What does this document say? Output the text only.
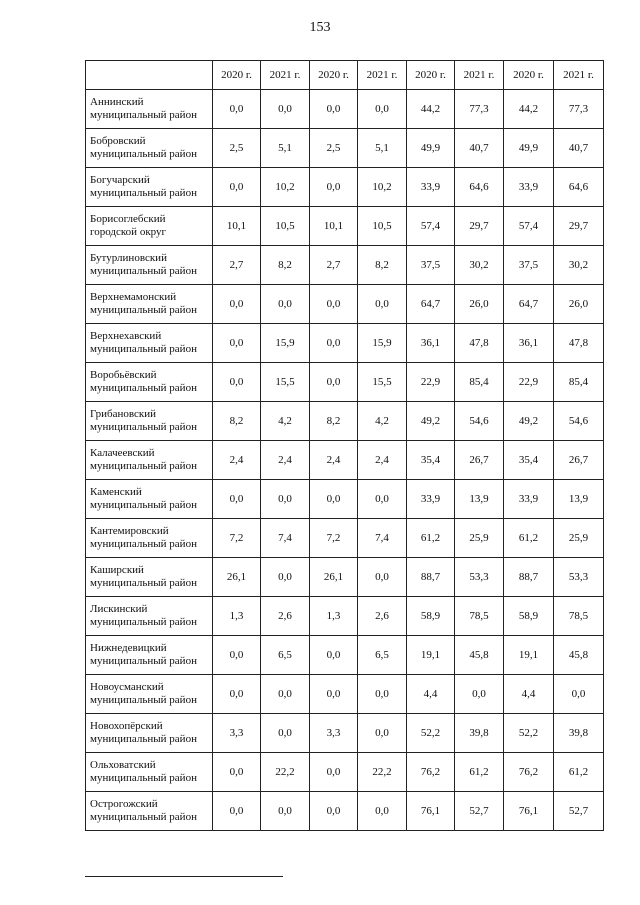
153
	2020 г.	2021 г.	2020 г.	2021 г.	2020 г.	2021 г.	2020 г.	2021 г.

Аннинский
муниципальный район	0,0	0,0	0,0	0,0	44,2	77,3	44,2	77,3

Бобровский
муниципальный район	2,5	5,1	2,5	5,1	49,9	40,7	49,9	40,7

Богучарский
муниципальный район	0,0	10,2	0,0	10,2	33,9	64,6	33,9	64,6

Борисоглебский
городской округ	10,1	10,5	10,1	10,5	57,4	29,7	57,4	29,7

Бутурлиновский
муниципальный район	2,7	8,2	2,7	8,2	37,5	30,2	37,5	30,2

Верхнемамонский
муниципальный район	0,0	0,0	0,0	0,0	64,7	26,0	64,7	26,0

Верхнехавский
муниципальный район	0,0	15,9	0,0	15,9	36,1	47,8	36,1	47,8

Воробьёвский
муниципальный район	0,0	15,5	0,0	15,5	22,9	85,4	22,9	85,4

Грибановский
муниципальный район	8,2	4,2	8,2	4,2	49,2	54,6	49,2	54,6

Калачеевский
муниципальный район	2,4	2,4	2,4	2,4	35,4	26,7	35,4	26,7

Каменский
муниципальный район	0,0	0,0	0,0	0,0	33,9	13,9	33,9	13,9

Кантемировский
муниципальный район	7,2	7,4	7,2	7,4	61,2	25,9	61,2	25,9

Каширский
муниципальный район	26,1	0,0	26,1	0,0	88,7	53,3	88,7	53,3

Лискинский
муниципальный район	1,3	2,6	1,3	2,6	58,9	78,5	58,9	78,5

Нижнедевицкий
муниципальный район	0,0	6,5	0,0	6,5	19,1	45,8	19,1	45,8

Новоусманский
муниципальный район	0,0	0,0	0,0	0,0	4,4	0,0	4,4	0,0

Новохопёрский
муниципальный район	3,3	0,0	3,3	0,0	52,2	39,8	52,2	39,8

Ольховатский
муниципальный район	0,0	22,2	0,0	22,2	76,2	61,2	76,2	61,2

Острогожский
муниципальный район	0,0	0,0	0,0	0,0	76,1	52,7	76,1	52,7
